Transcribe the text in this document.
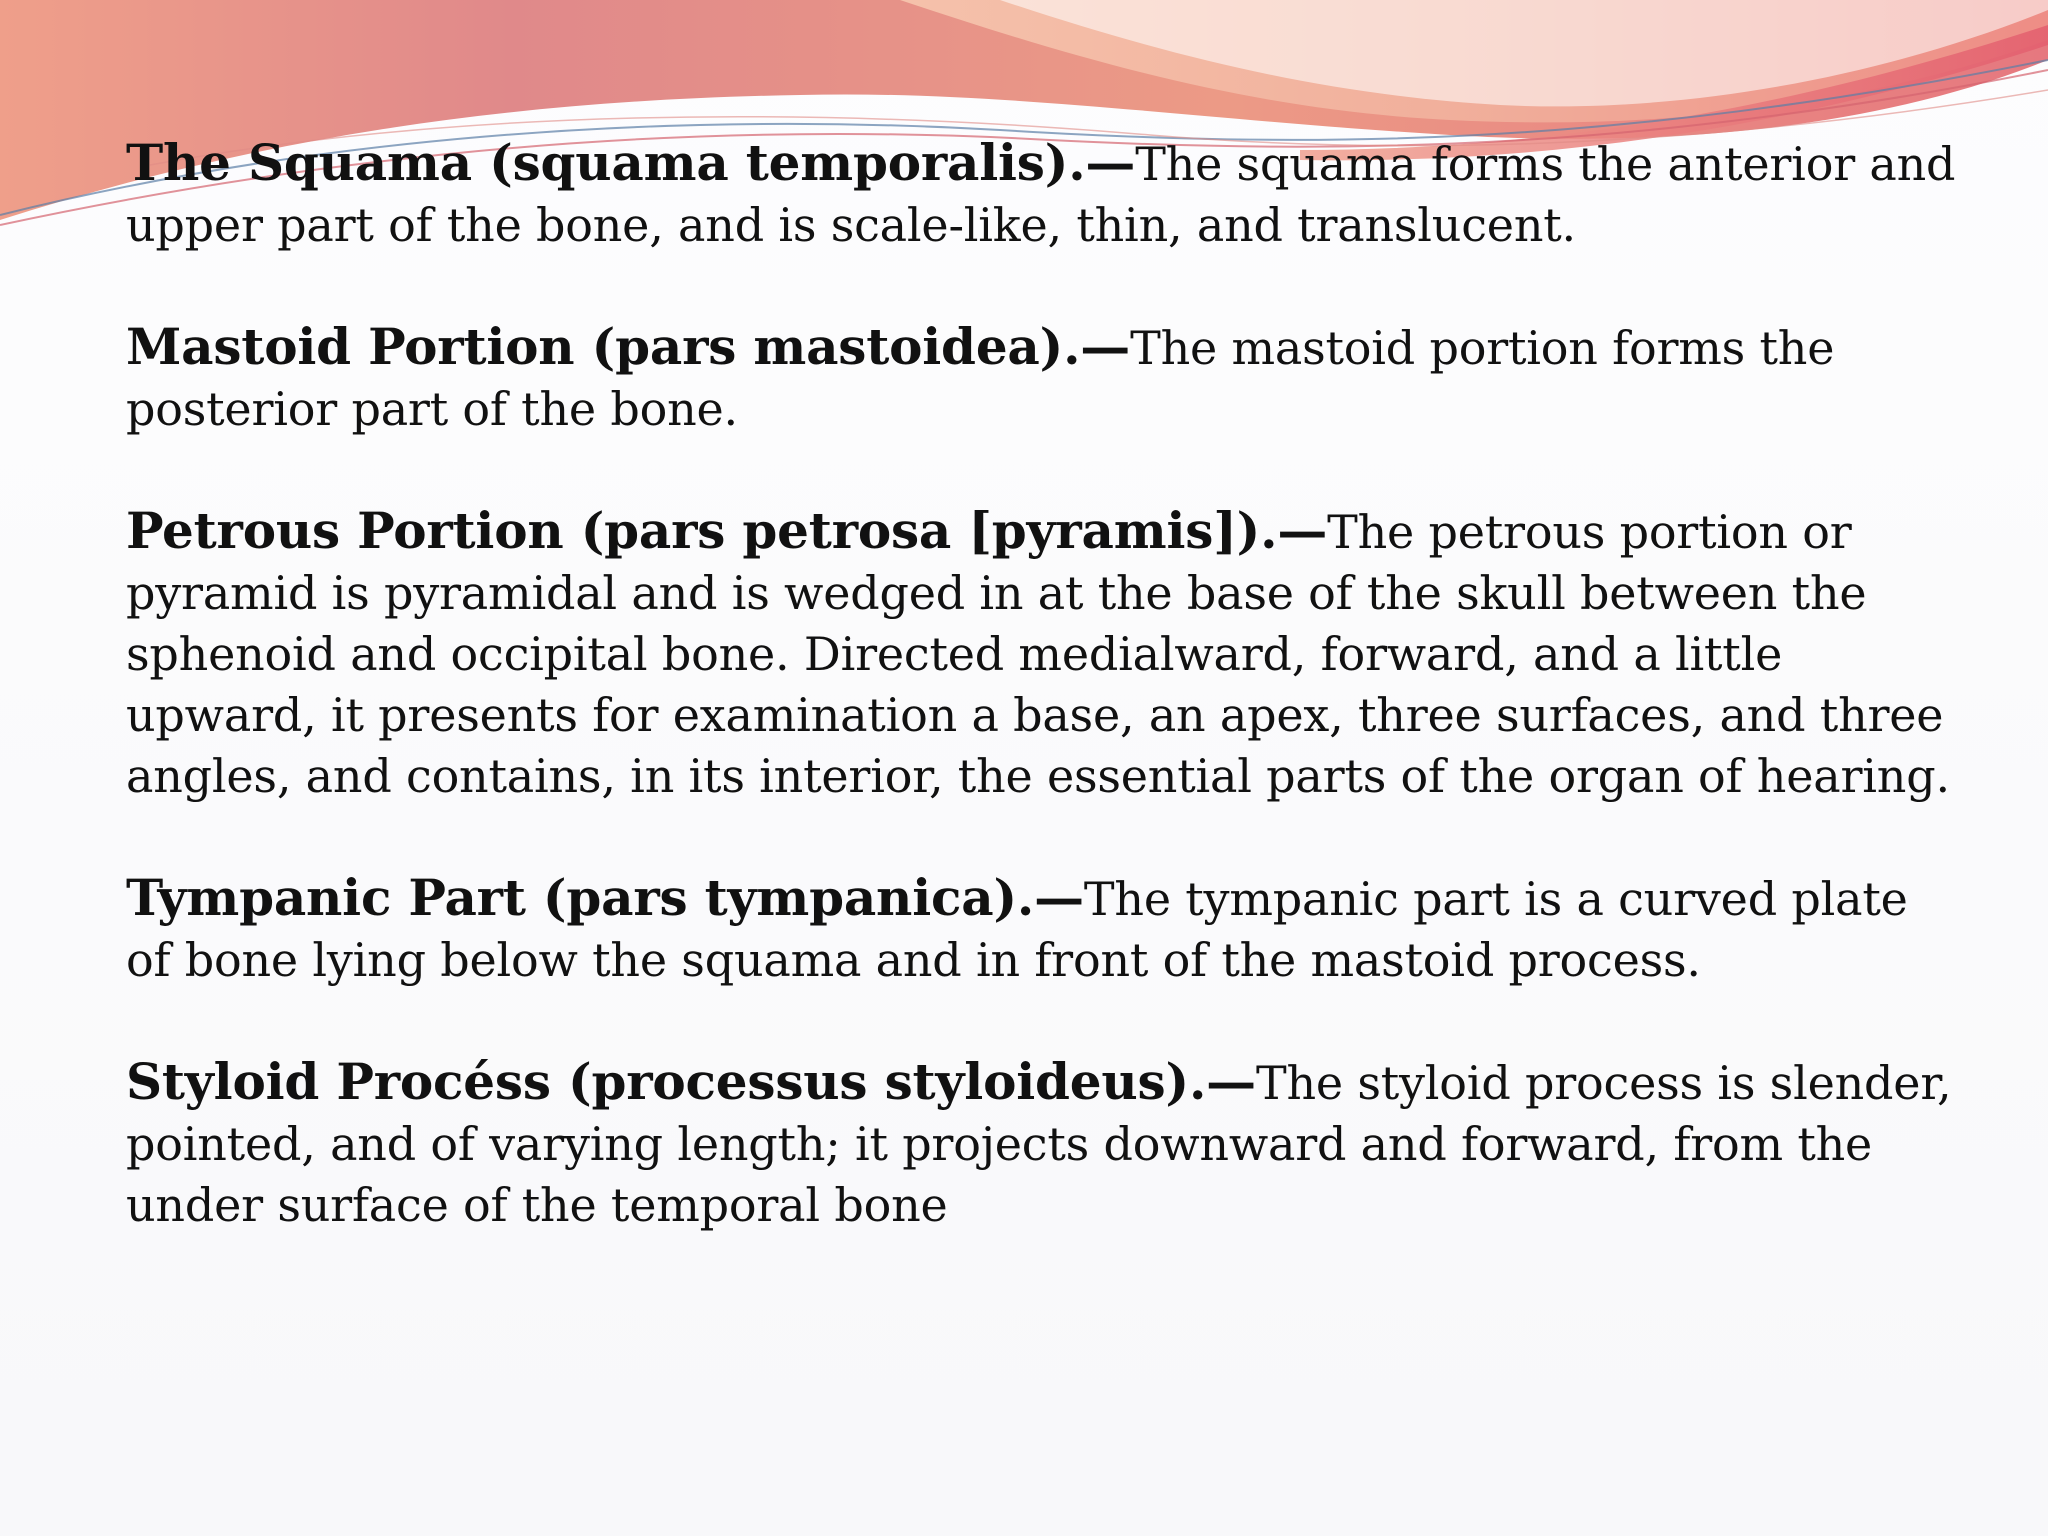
The Squama (squama temporalis).—The squama forms the anterior and upper part of the bone, and is scale-like, thin, and translucent.

Mastoid Portion (pars mastoidea).—The mastoid portion forms the posterior part of the bone.

Petrous Portion (pars petrosa [pyramis]).—The petrous portion or pyramid is pyramidal and is wedged in at the base of the skull between the sphenoid and occipital bone. Directed medialward, forward, and a little upward, it presents for examination a base, an apex, three surfaces, and three angles, and contains, in its interior, the essential parts of the organ of hearing.

Tympanic Part (pars tympanica).—The tympanic part is a curved plate of bone lying below the squama and in front of the mastoid process.

Styloid Procéss (processus styloideus).—The styloid process is slender, pointed, and of varying length; it projects downward and forward, from the under surface of the temporal bone
